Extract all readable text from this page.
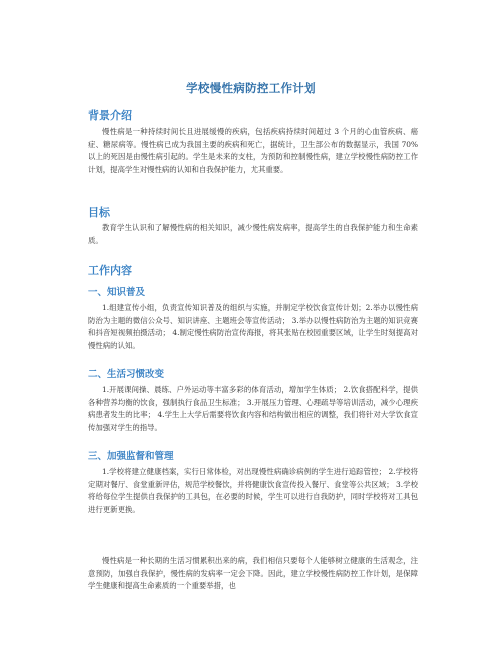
学校慢性病防控工作计划
背景介绍

慢性病是一种持续时间长且进展缓慢的疾病，包括疾病持续时间超过 3 个月的心血管疾病、癌症、糖尿病等。慢性病已成为我国主要的疾病和死亡，据统计，卫生部公布的数据显示，我国 70% 以上的死因是由慢性病引起的。学生是未来的支柱，为预防和控制慢性病，建立学校慢性病防控工作计划，提高学生对慢性病的认知和自我保护能力，尤其重要。

目标

教育学生认识和了解慢性病的相关知识，减少慢性病发病率，提高学生的自我保护能力和生命素质。

工作内容
一、知识普及

1.组建宣传小组，负责宣传知识普及的组织与实施，并制定学校饮食宣传计划；2.举办以慢性病防治为主题的微信公众号、知识讲座、主题班会等宣传活动； 3.举办以慢性病防治为主题的知识竞赛和抖音短视频拍摄活动； 4.制定慢性病防治宣传海报，将其张贴在校园重要区域，让学生时刻提高对慢性病的认知。

二、生活习惯改变

1.开展课间操、晨练、户外运动等丰富多彩的体育活动，增加学生体质； 2.饮食搭配科学，提供各种营养均衡的饮食，强制执行食品卫生标准； 3.开展压力管理、心理疏导等培训活动，减少心理疾病患者发生的比率； 4.学生上大学后需要将饮食内容和结构做出相应的调整，我们将针对大学饮食宣传加强对学生的指导。

三、加强监督和管理

1.学校将建立健康档案，实行日常体检，对出现慢性病确诊病例的学生进行追踪管控； 2.学校将定期对餐厅、食堂重新评估，规范学校餐饮，并将健康饮食宣传投入餐厅、食堂等公共区域； 3.学校将给每位学生提供自我保护的工具包，在必要的时候，学生可以进行自我防护，同时学校将对工具包进行更新更换。

慢性病是一种长期的生活习惯累积出来的病，我们相信只要每个人能够树立健康的生活观念，注意预防，加强自我保护，慢性病的发病率一定会下降。因此，建立学校慢性病防控工作计划，是保障学生健康和提高生命素质的一个重要举措，也
